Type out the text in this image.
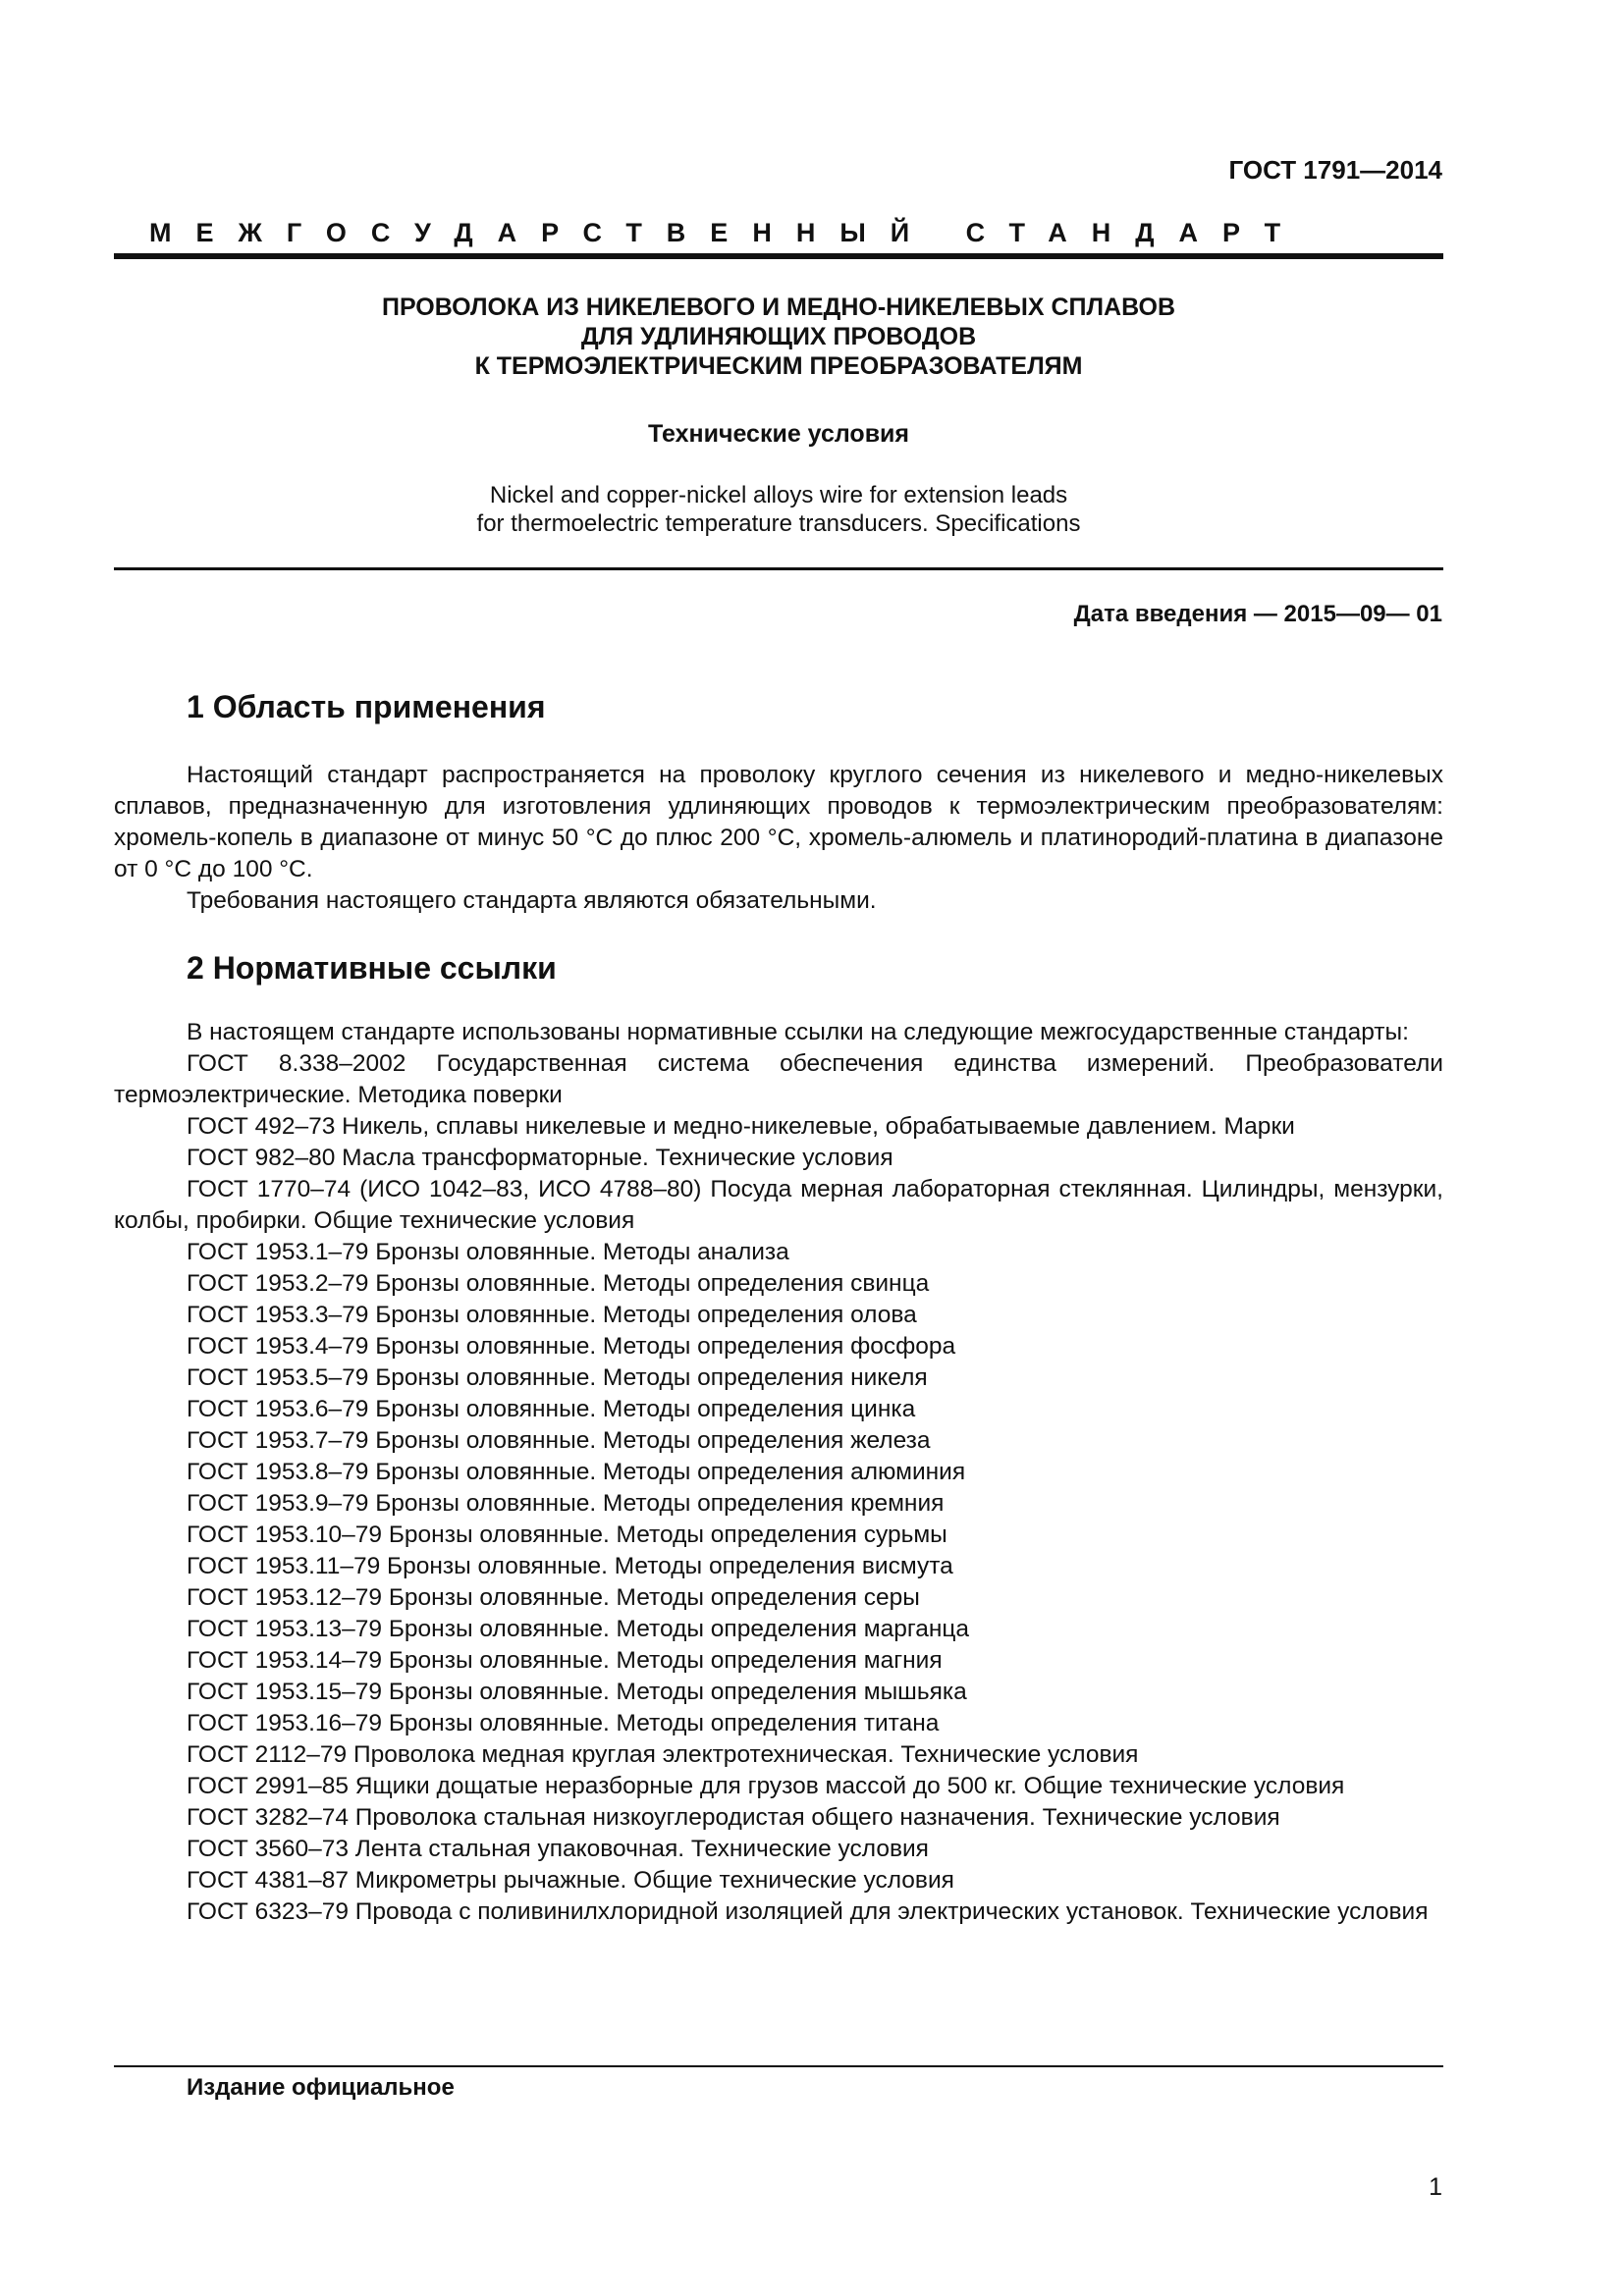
ГОСТ 1791—2014
МЕЖГОСУДАРСТВЕННЫЙ СТАНДАРТ
ПРОВОЛОКА ИЗ НИКЕЛЕВОГО И МЕДНО-НИКЕЛЕВЫХ СПЛАВОВ
ДЛЯ УДЛИНЯЮЩИХ ПРОВОДОВ
К ТЕРМОЭЛЕКТРИЧЕСКИМ ПРЕОБРАЗОВАТЕЛЯМ
Технические условия
Nickel and copper-nickel alloys wire for extension leads
for thermoelectric temperature transducers. Specifications
Дата введения — 2015—09— 01
1 Область применения

Настоящий стандарт распространяется на проволоку круглого сечения из никелевого и медно-никелевых сплавов, предназначенную для изготовления удлиняющих проводов к термоэлектрическим преобразователям: хромель-копель в диапазоне от минус 50 °С до плюс 200 °С, хромель-алюмель и платинородий-платина в диапазоне от 0 °С до 100 °С.

Требования настоящего стандарта являются обязательными.

2 Нормативные ссылки

В настоящем стандарте использованы нормативные ссылки на следующие межгосударственные стандарты:

ГОСТ 8.338–2002 Государственная система обеспечения единства измерений. Преобразователи термоэлектрические. Методика поверки

ГОСТ 492–73 Никель, сплавы никелевые и медно-никелевые, обрабатываемые давлением. Марки

ГОСТ 982–80 Масла трансформаторные. Технические условия

ГОСТ 1770–74 (ИСО 1042–83, ИСО 4788–80) Посуда мерная лабораторная стеклянная. Цилиндры, мензурки, колбы, пробирки. Общие технические условия

ГОСТ 1953.1–79 Бронзы оловянные. Методы анализа
ГОСТ 1953.2–79 Бронзы оловянные. Методы определения свинца
ГОСТ 1953.3–79 Бронзы оловянные. Методы определения олова
ГОСТ 1953.4–79 Бронзы оловянные. Методы определения фосфора
ГОСТ 1953.5–79 Бронзы оловянные. Методы определения никеля
ГОСТ 1953.6–79 Бронзы оловянные. Методы определения цинка
ГОСТ 1953.7–79 Бронзы оловянные. Методы определения железа
ГОСТ 1953.8–79 Бронзы оловянные. Методы определения алюминия
ГОСТ 1953.9–79 Бронзы оловянные. Методы определения кремния
ГОСТ 1953.10–79 Бронзы оловянные. Методы определения сурьмы
ГОСТ 1953.11–79 Бронзы оловянные. Методы определения висмута
ГОСТ 1953.12–79 Бронзы оловянные. Методы определения серы
ГОСТ 1953.13–79 Бронзы оловянные. Методы определения марганца
ГОСТ 1953.14–79 Бронзы оловянные. Методы определения магния
ГОСТ 1953.15–79 Бронзы оловянные. Методы определения мышьяка
ГОСТ 1953.16–79 Бронзы оловянные. Методы определения титана
ГОСТ 2112–79 Проволока медная круглая электротехническая. Технические условия

ГОСТ 2991–85 Ящики дощатые неразборные для грузов массой до 500 кг. Общие технические условия

ГОСТ 3282–74 Проволока стальная низкоуглеродистая общего назначения. Технические условия
ГОСТ 3560–73 Лента стальная упаковочная. Технические условия
ГОСТ 4381–87 Микрометры рычажные. Общие технические условия

ГОСТ 6323–79 Провода с поливинилхлоридной изоляцией для электрических установок. Технические условия

Издание официальное
1
